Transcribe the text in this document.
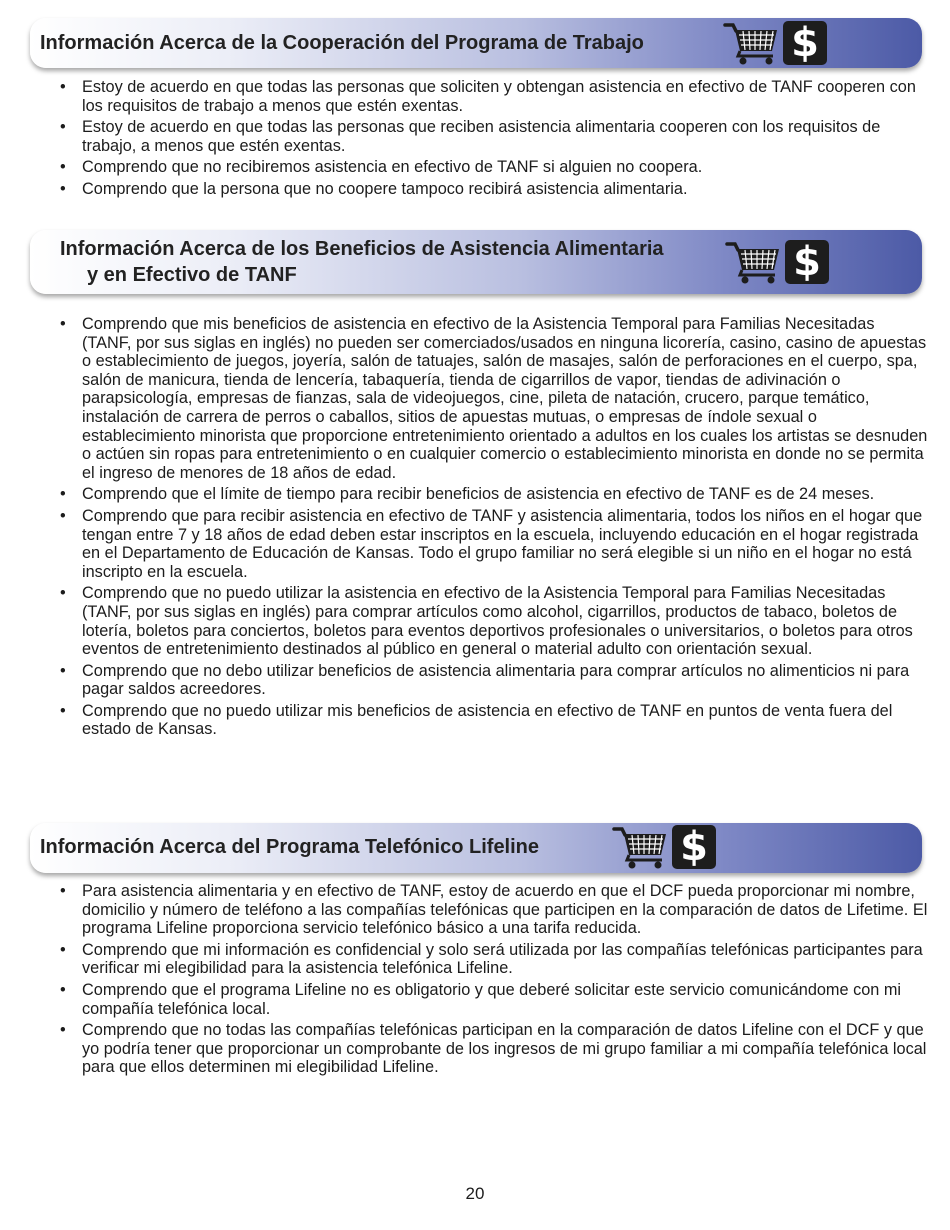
Información Acerca de la Cooperación del Programa de Trabajo	$
• Estoy de acuerdo en que todas las personas que soliciten y obtengan asistencia en efectivo de TANF cooperen con los requisitos de trabajo a menos que estén exentas.
• Estoy de acuerdo en que todas las personas que reciben asistencia alimentaria cooperen con los requisitos de trabajo, a menos que estén exentas.
• Comprendo que no recibiremos asistencia en efectivo de TANF si alguien no coopera.
• Comprendo que la persona que no coopere tampoco recibirá asistencia alimentaria.
Información Acerca de los Beneficios de Asistencia Alimentaria
y en Efectivo de TANF	$
• Comprendo que mis beneficios de asistencia en efectivo de la Asistencia Temporal para Familias Necesitadas (TANF, por sus siglas en inglés) no pueden ser comerciados/usados en ninguna licorería, casino, casino de apuestas o establecimiento de juegos, joyería, salón de tatuajes, salón de masajes, salón de perforaciones en el cuerpo, spa, salón de manicura, tienda de lencería, tabaquería, tienda de cigarrillos de vapor, tiendas de adivinación o parapsicología, empresas de fianzas, sala de videojuegos, cine, pileta de natación, crucero, parque temático, instalación de carrera de perros o caballos, sitios de apuestas mutuas, o empresas de índole sexual o establecimiento minorista que proporcione entretenimiento orientado a adultos en los cuales los artistas se desnuden o actúen sin ropas para entretenimiento o en cualquier comercio o establecimiento minorista en donde no se permita el ingreso de menores de 18 años de edad.
• Comprendo que el límite de tiempo para recibir beneficios de asistencia en efectivo de TANF es de 24 meses.
• Comprendo que para recibir asistencia en efectivo de TANF y asistencia alimentaria, todos los niños en el hogar que tengan entre 7 y 18 años de edad deben estar inscriptos en la escuela, incluyendo educación en el hogar registrada en el Departamento de Educación de Kansas. Todo el grupo familiar no será elegible si un niño en el hogar no está inscripto en la escuela.
• Comprendo que no puedo utilizar la asistencia en efectivo de la Asistencia Temporal para Familias Necesitadas (TANF, por sus siglas en inglés) para comprar artículos como alcohol, cigarrillos, productos de tabaco, boletos de lotería, boletos para conciertos, boletos para eventos deportivos profesionales o universitarios, o boletos para otros eventos de entretenimiento destinados al público en general o material adulto con orientación sexual.
• Comprendo que no debo utilizar beneficios de asistencia alimentaria para comprar artículos no alimenticios ni para pagar saldos acreedores.
• Comprendo que no puedo utilizar mis beneficios de asistencia en efectivo de TANF en puntos de venta fuera del estado de Kansas.
Información Acerca del Programa Telefónico Lifeline	$
• Para asistencia alimentaria y en efectivo de TANF, estoy de acuerdo en que el DCF pueda proporcionar mi nombre, domicilio y número de teléfono a las compañías telefónicas que participen en la comparación de datos de Lifetime. El programa Lifeline proporciona servicio telefónico básico a una tarifa reducida.
• Comprendo que mi información es confidencial y solo será utilizada por las compañías telefónicas participantes para verificar mi elegibilidad para la asistencia telefónica Lifeline.
• Comprendo que el programa Lifeline no es obligatorio y que deberé solicitar este servicio comunicándome con mi compañía telefónica local.
• Comprendo que no todas las compañías telefónicas participan en la comparación de datos Lifeline con el DCF y que yo podría tener que proporcionar un comprobante de los ingresos de mi grupo familiar a mi compañía telefónica local para que ellos determinen mi elegibilidad Lifeline.
20
